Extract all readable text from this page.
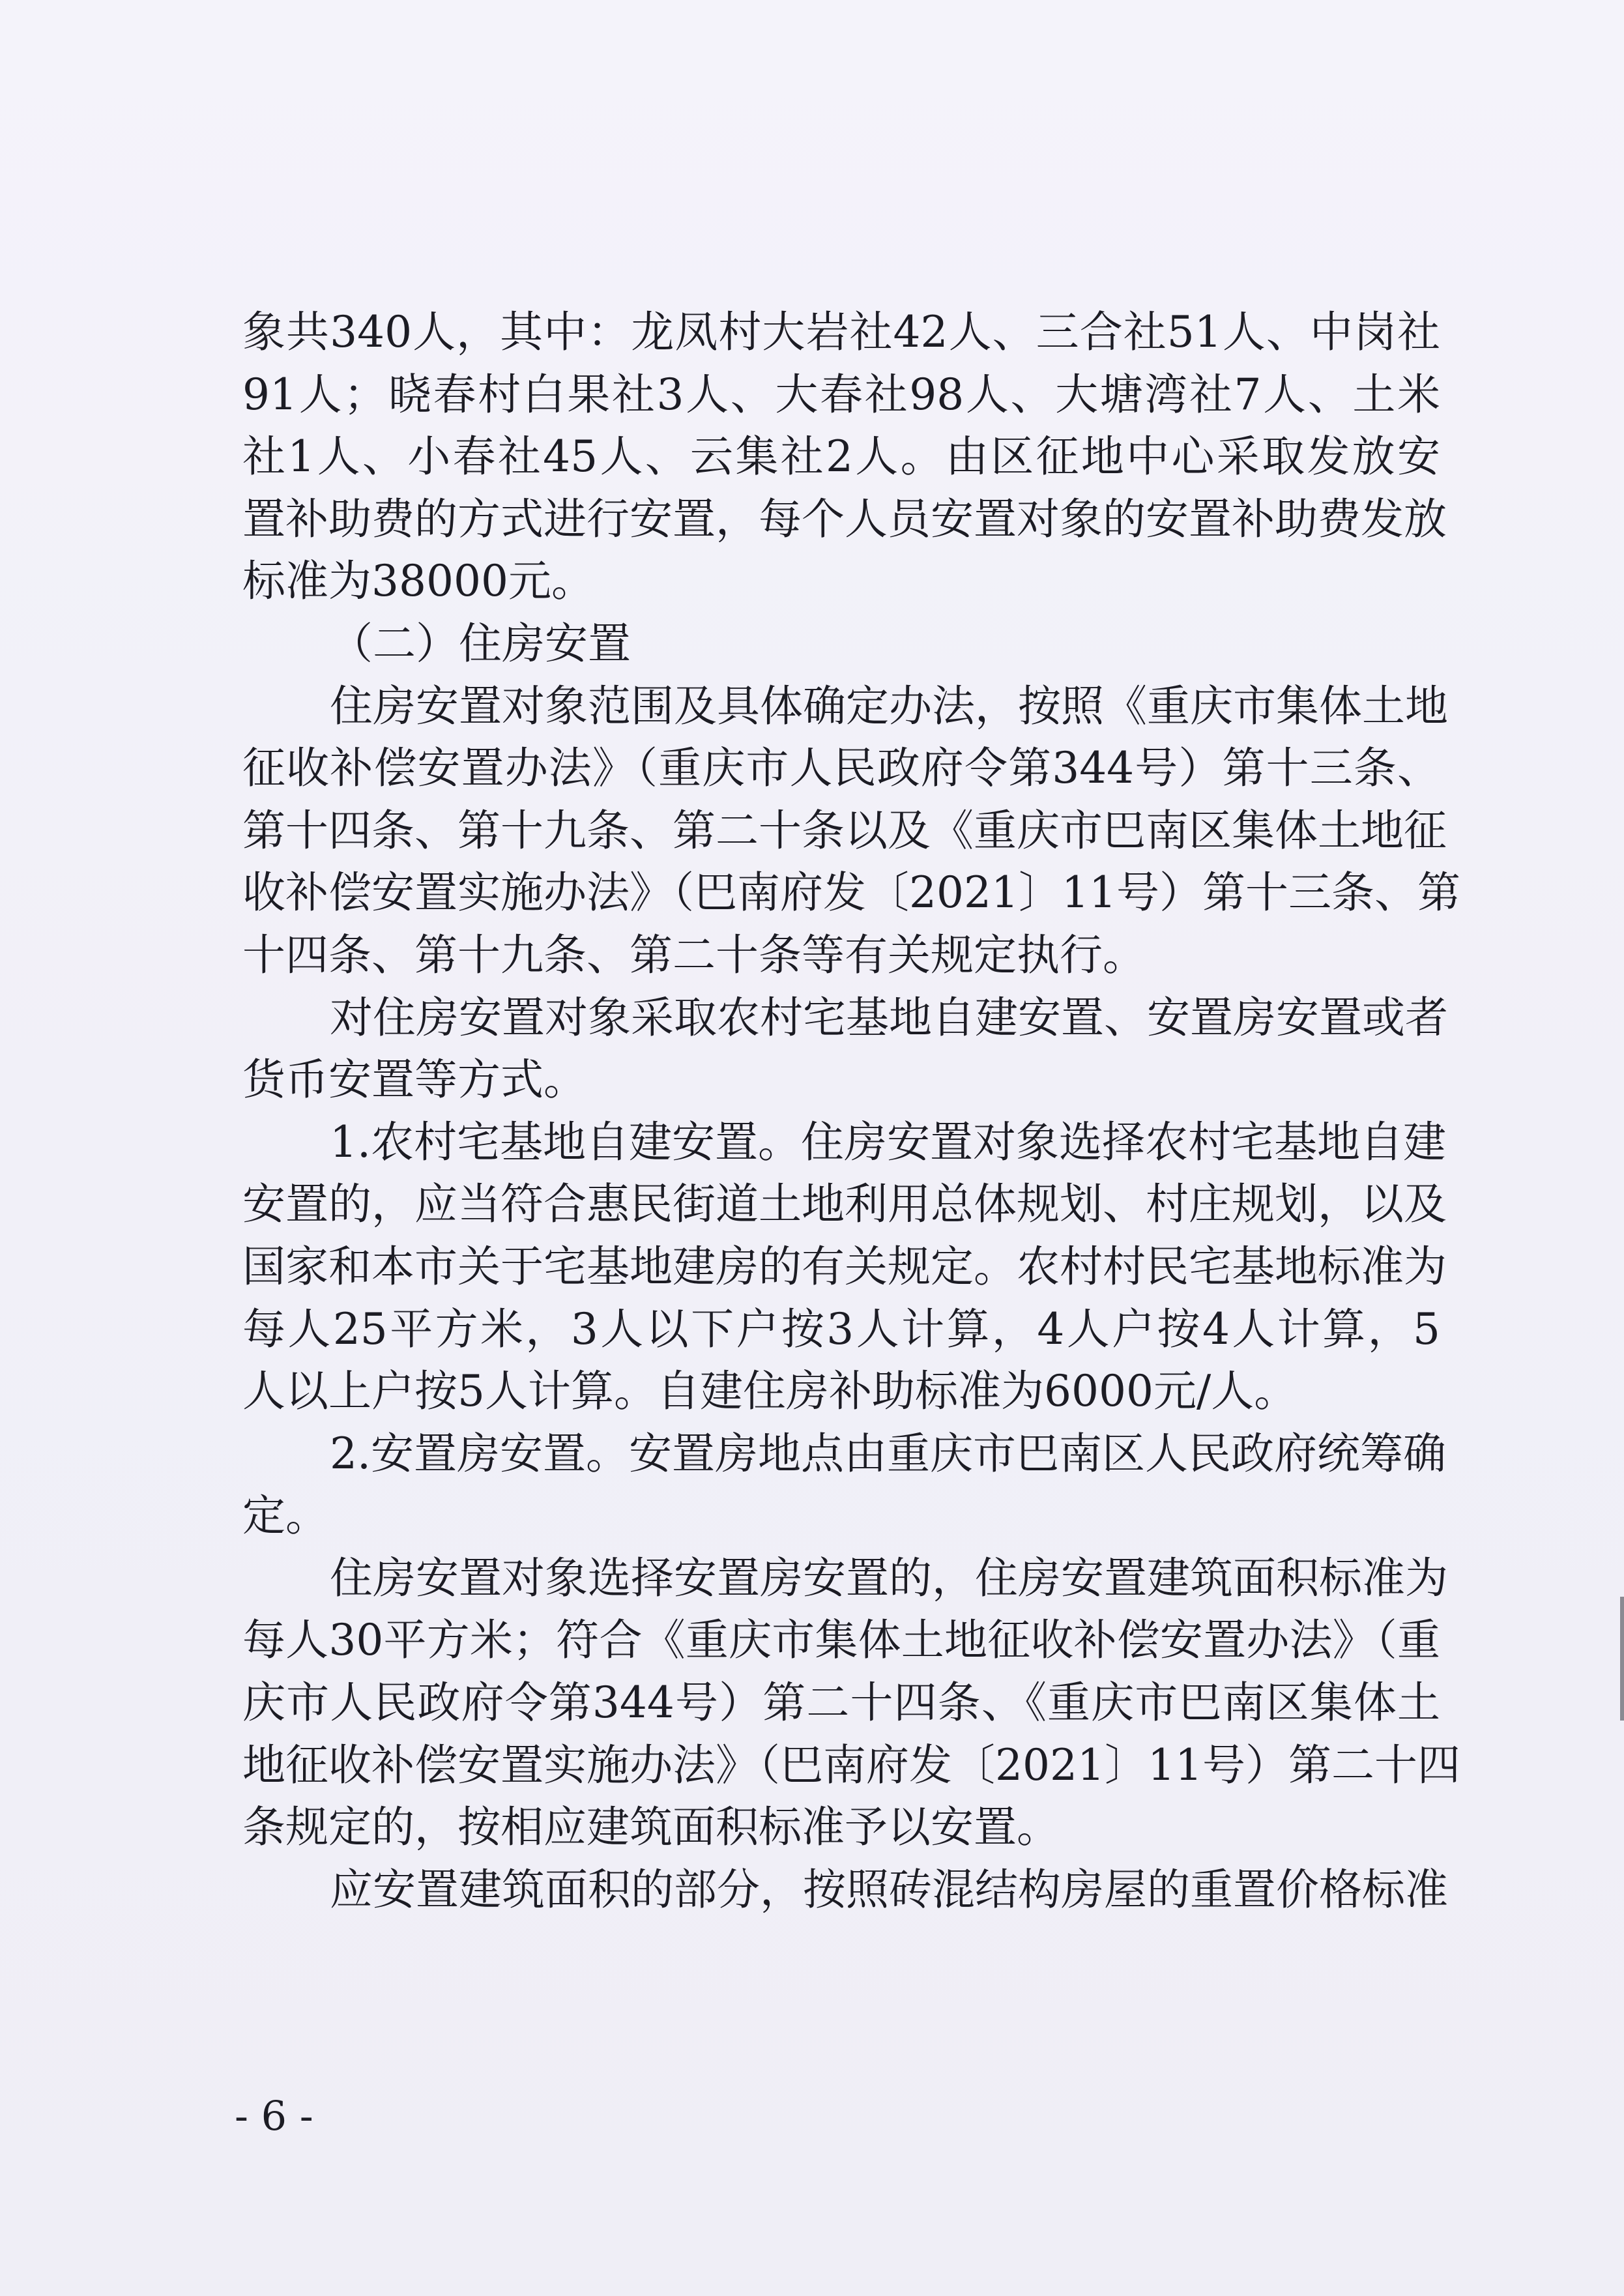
象共340人，其中：龙凤村大岩社42人、三合社51人、中岗社
91人；晓春村白果社3人、大春社98人、大塘湾社7人、土米
社1人、小春社45人、云集社2人。由区征地中心采取发放安
置补助费的方式进行安置，每个人员安置对象的安置补助费发放
标准为38000元。
（二）住房安置
住房安置对象范围及具体确定办法，按照《重庆市集体土地
征收补偿安置办法》（重庆市人民政府令第344号）第十三条、
第十四条、第十九条、第二十条以及《重庆市巴南区集体土地征
收补偿安置实施办法》（巴南府发〔2021〕11号）第十三条、第
十四条、第十九条、第二十条等有关规定执行。
对住房安置对象采取农村宅基地自建安置、安置房安置或者
货币安置等方式。
1.农村宅基地自建安置。住房安置对象选择农村宅基地自建
安置的，应当符合惠民街道土地利用总体规划、村庄规划，以及
国家和本市关于宅基地建房的有关规定。农村村民宅基地标准为
每人25平方米，3人以下户按3人计算，4人户按4人计算，5
人以上户按5人计算。自建住房补助标准为6000元/人。
2.安置房安置。安置房地点由重庆市巴南区人民政府统筹确
定。
住房安置对象选择安置房安置的，住房安置建筑面积标准为
每人30平方米；符合《重庆市集体土地征收补偿安置办法》（重
庆市人民政府令第344号）第二十四条、《重庆市巴南区集体土
地征收补偿安置实施办法》（巴南府发〔2021〕11号）第二十四
条规定的，按相应建筑面积标准予以安置。
应安置建筑面积的部分，按照砖混结构房屋的重置价格标准
- 6 -
